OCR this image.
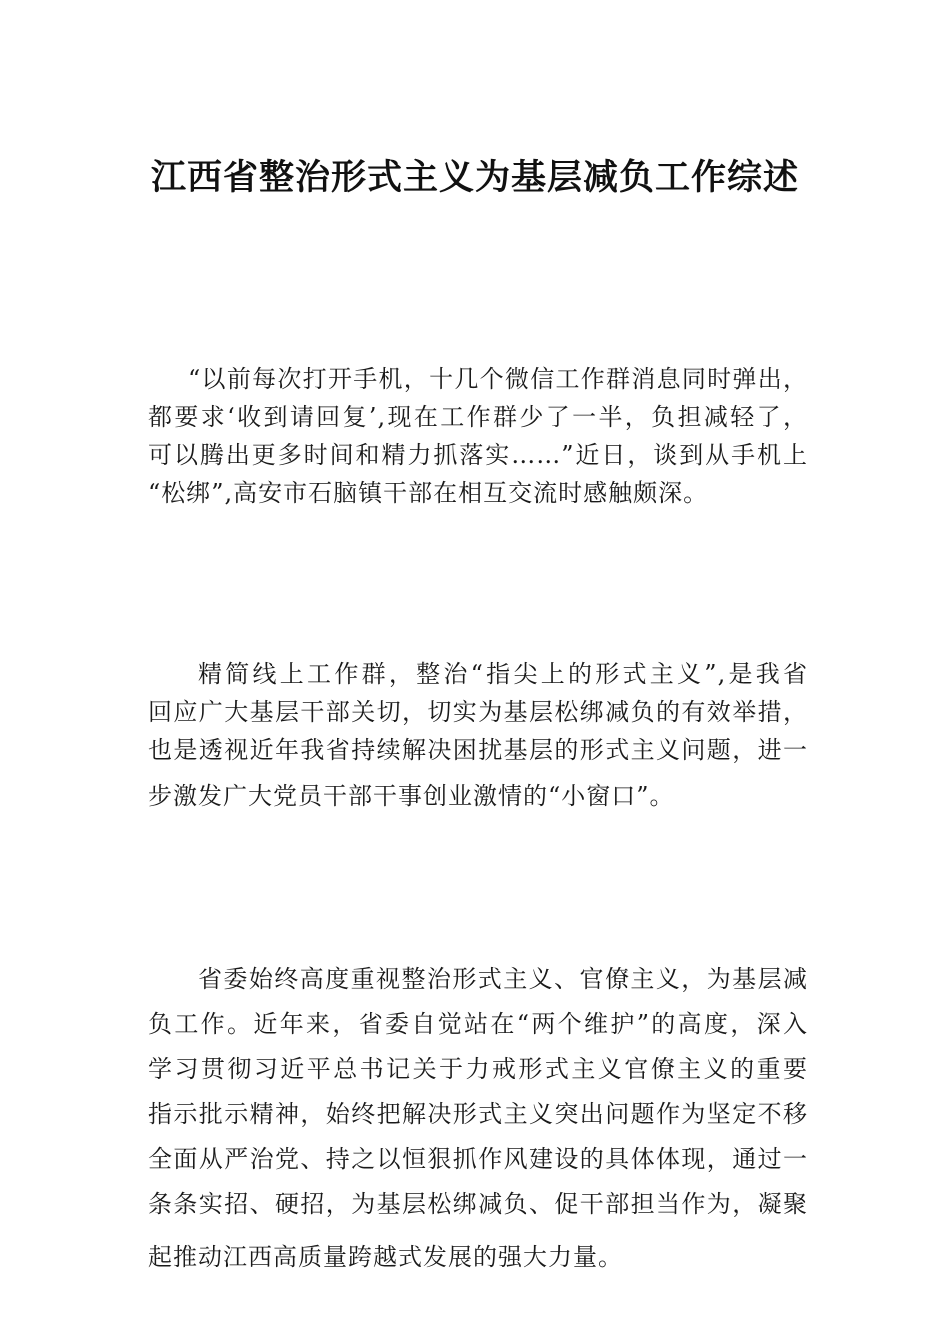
江西省整治形式主义为基层减负工作综述
“以前每次打开手机，十几个微信工作群消息同时弹出，
都要求‘收到请回复’,现在工作群少了一半，负担减轻了，
可以腾出更多时间和精力抓落实……”近日，谈到从手机上
“松绑”,高安市石脑镇干部在相互交流时感触颇深。
精简线上工作群，整治“指尖上的形式主义”,是我省
回应广大基层干部关切，切实为基层松绑减负的有效举措，
也是透视近年我省持续解决困扰基层的形式主义问题，进一
步激发广大党员干部干事创业激情的“小窗口”。
省委始终高度重视整治形式主义、官僚主义，为基层减
负工作。近年来，省委自觉站在“两个维护”的高度，深入
学习贯彻习近平总书记关于力戒形式主义官僚主义的重要
指示批示精神，始终把解决形式主义突出问题作为坚定不移
全面从严治党、持之以恒狠抓作风建设的具体体现，通过一
条条实招、硬招，为基层松绑减负、促干部担当作为，凝聚
起推动江西高质量跨越式发展的强大力量。
